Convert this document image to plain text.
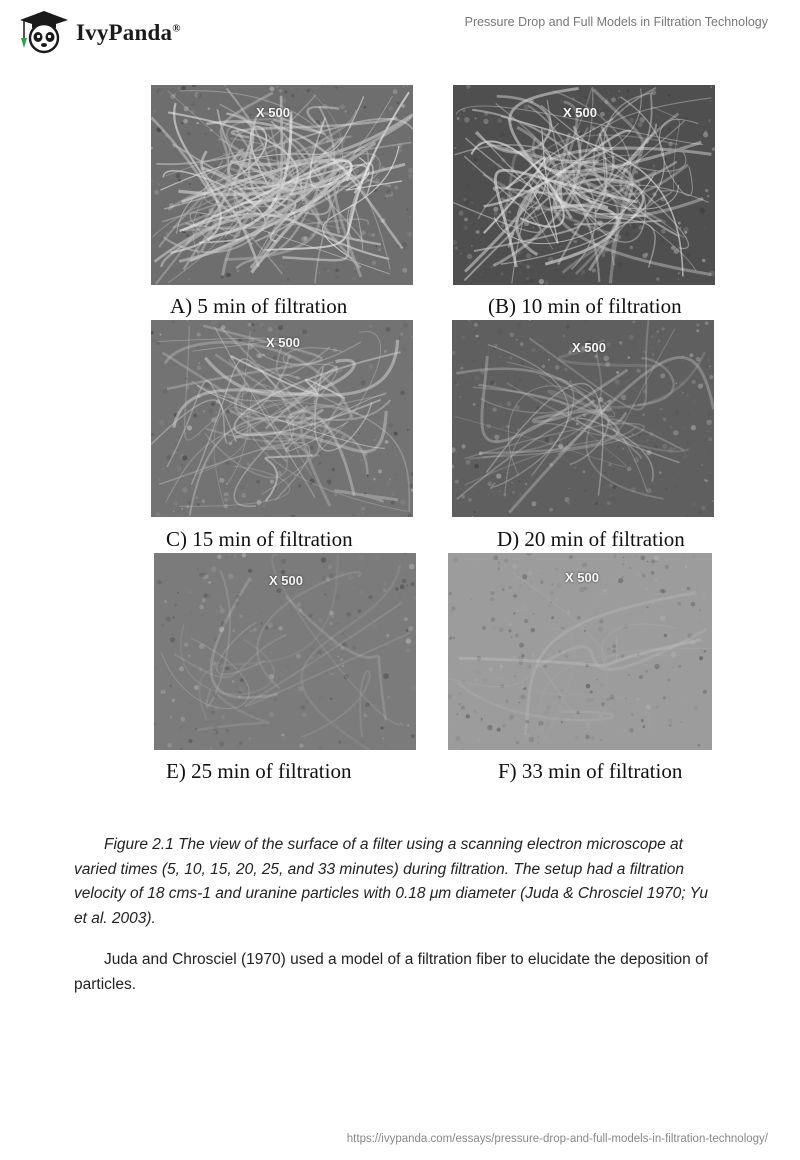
IvyPanda®	Pressure Drop and Full Models in Filtration Technology
X 500	X 500
A) 5 min of filtration	(B) 10 min of filtration
X 500	X 500
C) 15 min of filtration	D) 20 min of filtration
X 500	X 500
E) 25 min of filtration	F) 33 min of filtration

Figure 2.1 The view of the surface of a filter using a scanning electron microscope at varied times (5, 10, 15, 20, 25, and 33 minutes) during filtration. The setup had a filtration velocity of 18 cms-1 and uranine particles with 0.18 μm diameter (Juda & Chrosciel 1970; Yu et al. 2003).

Juda and Chrosciel (1970) used a model of a filtration fiber to elucidate the deposition of particles.

https://ivypanda.com/essays/pressure-drop-and-full-models-in-filtration-technology/
